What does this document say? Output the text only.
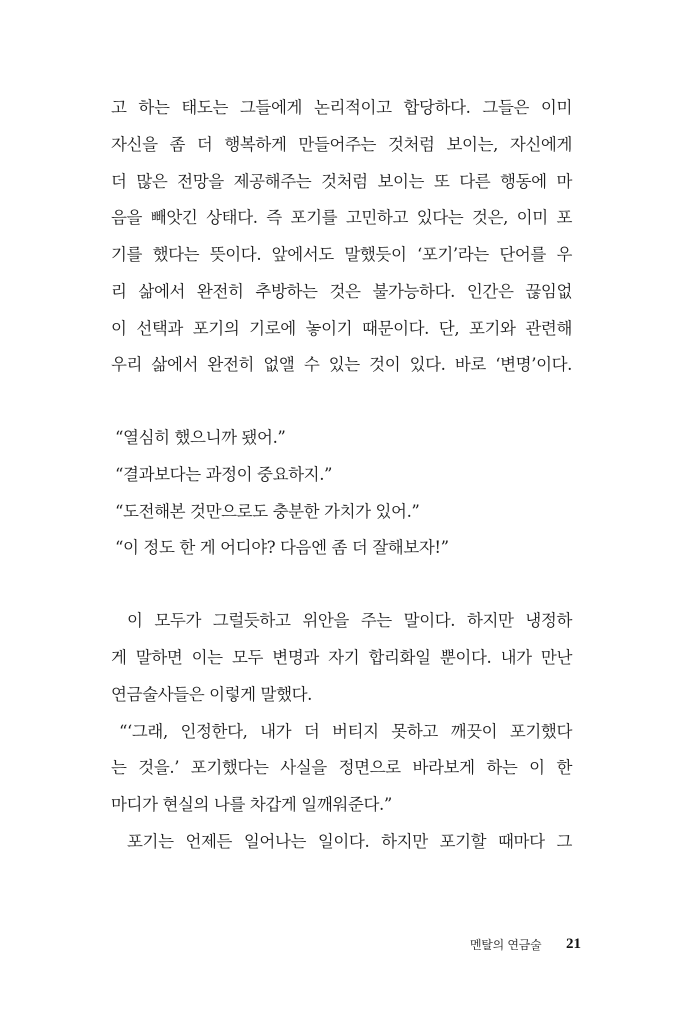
고 하는 태도는 그들에게 논리적이고 합당하다. 그들은 이미
자신을 좀 더 행복하게 만들어주는 것처럼 보이는, 자신에게
더 많은 전망을 제공해주는 것처럼 보이는 또 다른 행동에 마
음을 빼앗긴 상태다. 즉 포기를 고민하고 있다는 것은, 이미 포
기를 했다는 뜻이다. 앞에서도 말했듯이 ‘포기’라는 단어를 우
리 삶에서 완전히 추방하는 것은 불가능하다. 인간은 끊임없
이 선택과 포기의 기로에 놓이기 때문이다. 단, 포기와 관련해
우리 삶에서 완전히 없앨 수 있는 것이 있다. 바로 ‘변명’이다.
“열심히 했으니까 됐어.”
“결과보다는 과정이 중요하지.”
“도전해본 것만으로도 충분한 가치가 있어.”
“이 정도 한 게 어디야? 다음엔 좀 더 잘해보자!”
이 모두가 그럴듯하고 위안을 주는 말이다. 하지만 냉정하
게 말하면 이는 모두 변명과 자기 합리화일 뿐이다. 내가 만난
연금술사들은 이렇게 말했다.
“‘그래, 인정한다, 내가 더 버티지 못하고 깨끗이 포기했다
는 것을.’ 포기했다는 사실을 정면으로 바라보게 하는 이 한
마디가 현실의 나를 차갑게 일깨워준다.”
포기는 언제든 일어나는 일이다. 하지만 포기할 때마다 그
멘탈의 연금술 21
